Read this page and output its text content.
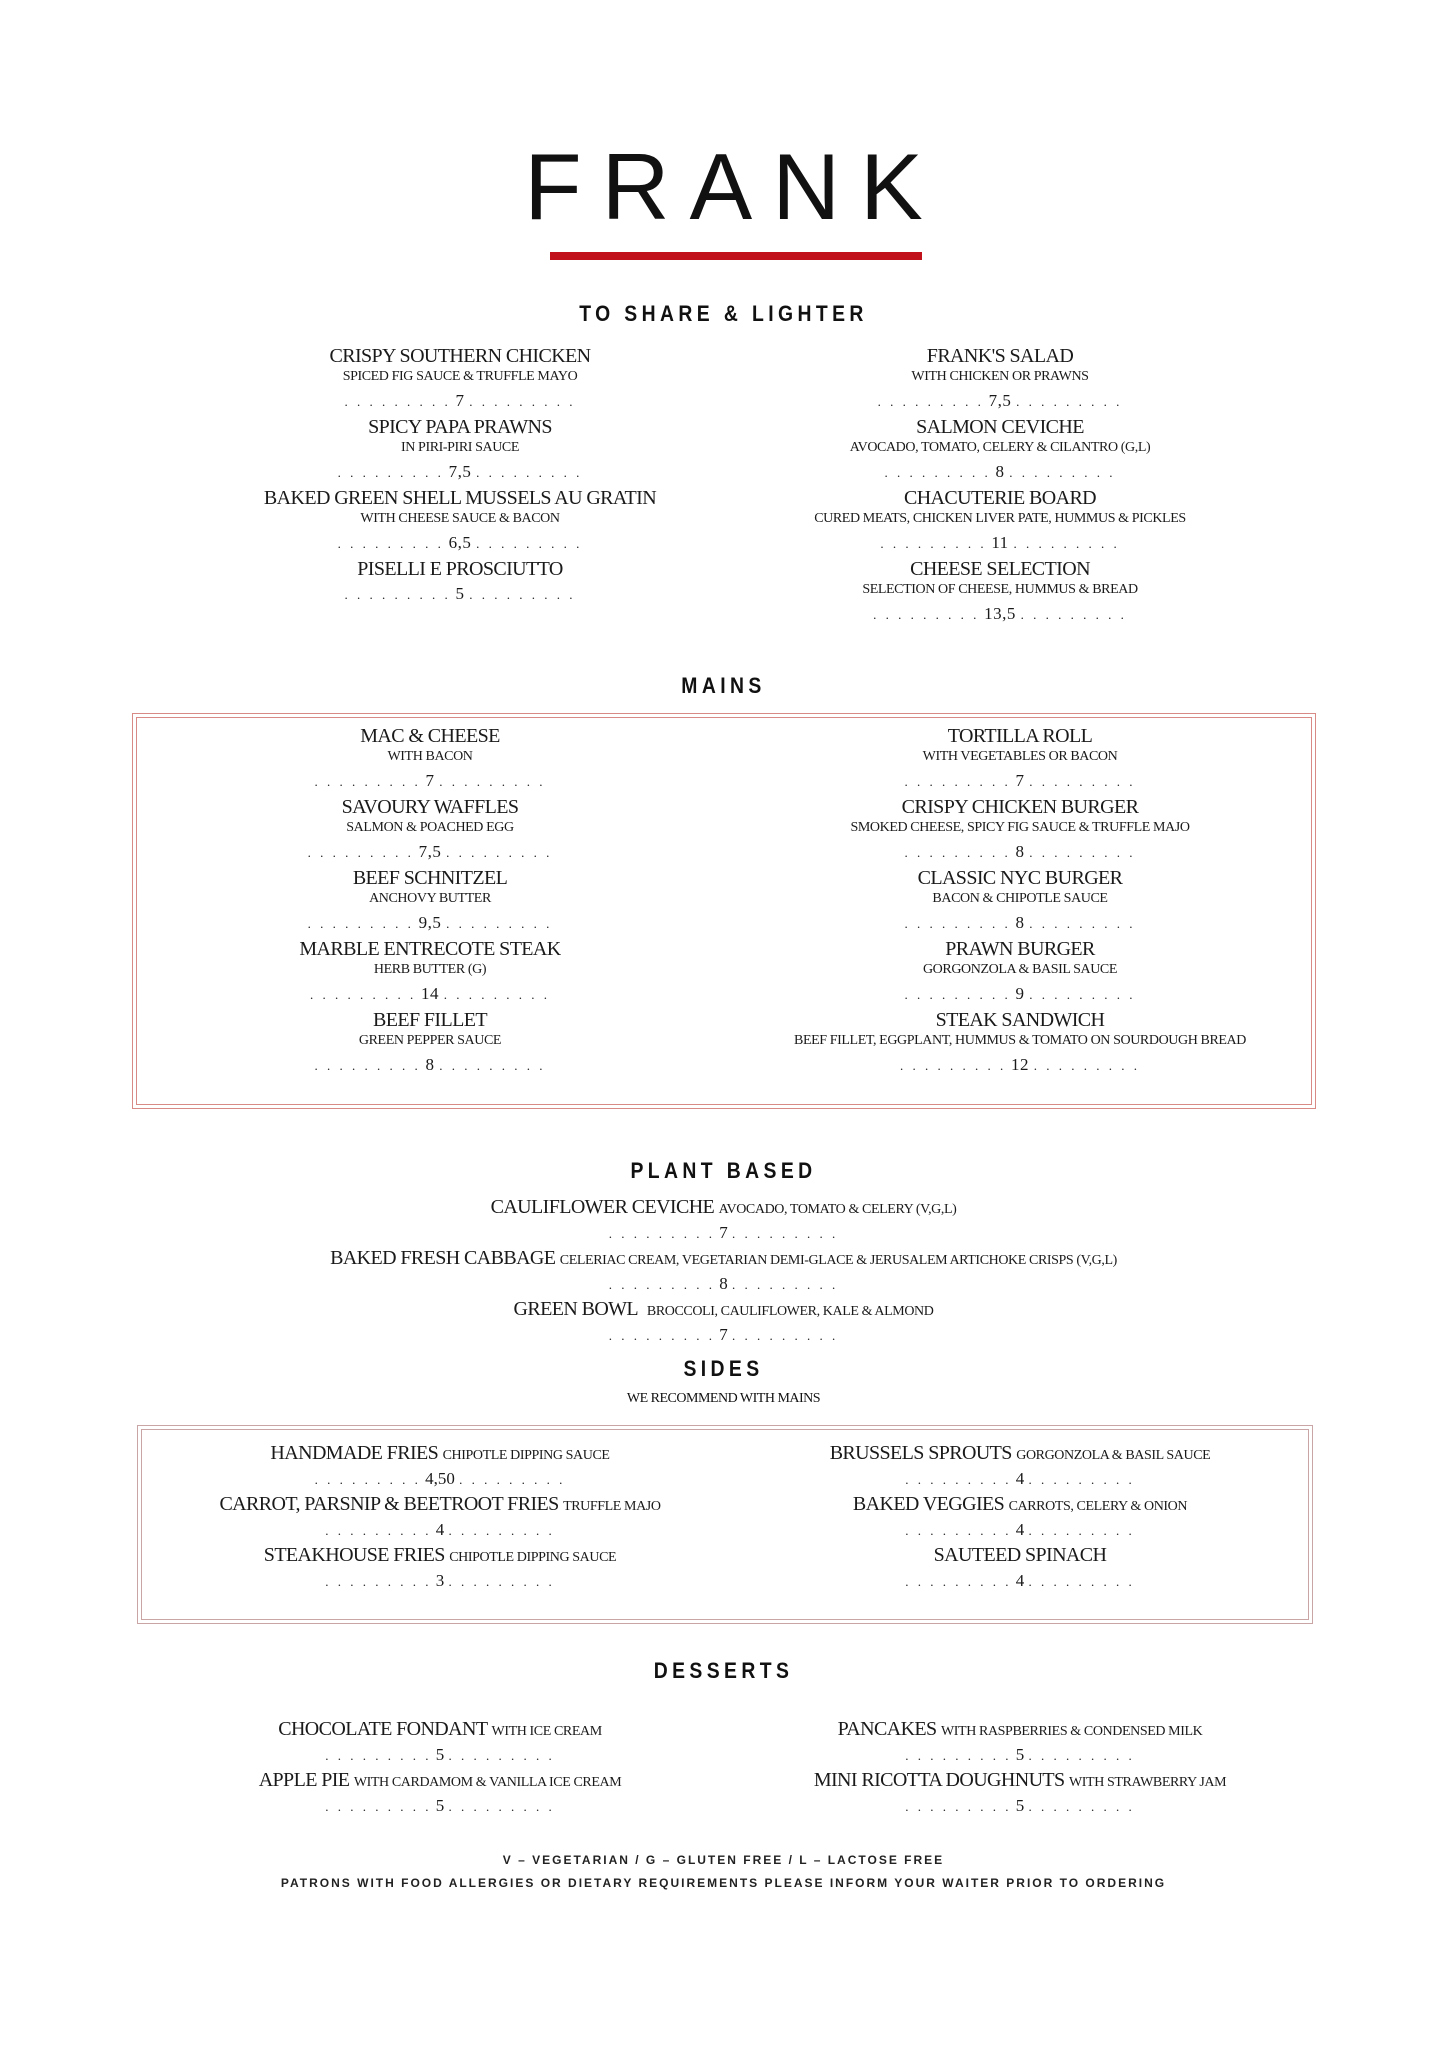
FRANK
TO SHARE & LIGHTER
CRISPY SOUTHERN CHICKEN
SPICED FIG SAUCE & TRUFFLE MAYO
. . . . . . . . . 7 . . . . . . . . .
SPICY PAPA PRAWNS
IN PIRI-PIRI SAUCE
. . . . . . . . . 7,5 . . . . . . . . .
BAKED GREEN SHELL MUSSELS AU GRATIN
WITH CHEESE SAUCE & BACON
. . . . . . . . . 6,5 . . . . . . . . .
PISELLI E PROSCIUTTO
. . . . . . . . . 5 . . . . . . . . .
FRANK'S SALAD
WITH CHICKEN OR PRAWNS
. . . . . . . . . 7,5 . . . . . . . . .
SALMON CEVICHE
AVOCADO, TOMATO, CELERY & CILANTRO (G,L)
. . . . . . . . . 8 . . . . . . . . .
CHACUTERIE BOARD
CURED MEATS, CHICKEN LIVER PATE, HUMMUS & PICKLES
. . . . . . . . . 11 . . . . . . . . .
CHEESE SELECTION
SELECTION OF CHEESE, HUMMUS & BREAD
. . . . . . . . . 13,5 . . . . . . . . .
MAINS
MAC & CHEESE
WITH BACON
. . . . . . . . . 7 . . . . . . . . .
SAVOURY WAFFLES
SALMON & POACHED EGG
. . . . . . . . . 7,5 . . . . . . . . .
BEEF SCHNITZEL
ANCHOVY BUTTER
. . . . . . . . . 9,5 . . . . . . . . .
MARBLE ENTRECOTE STEAK
HERB BUTTER (G)
. . . . . . . . . 14 . . . . . . . . .
BEEF FILLET
GREEN PEPPER SAUCE
. . . . . . . . . 8 . . . . . . . . .
TORTILLA ROLL
WITH VEGETABLES OR BACON
. . . . . . . . . 7 . . . . . . . . .
CRISPY CHICKEN BURGER
SMOKED CHEESE, SPICY FIG SAUCE & TRUFFLE MAJO
. . . . . . . . . 8 . . . . . . . . .
CLASSIC NYC BURGER
BACON & CHIPOTLE SAUCE
. . . . . . . . . 8 . . . . . . . . .
PRAWN BURGER
GORGONZOLA & BASIL SAUCE
. . . . . . . . . 9 . . . . . . . . .
STEAK SANDWICH
BEEF FILLET, EGGPLANT, HUMMUS & TOMATO ON SOURDOUGH BREAD
. . . . . . . . . 12 . . . . . . . . .
PLANT BASED
CAULIFLOWER CEVICHE AVOCADO, TOMATO & CELERY (V,G,L)
. . . . . . . . . 7 . . . . . . . . .
BAKED FRESH CABBAGE CELERIAC CREAM, VEGETARIAN DEMI-GLACE & JERUSALEM ARTICHOKE CRISPS (V,G,L)
. . . . . . . . . 8 . . . . . . . . .
GREEN BOWL BROCCOLI, CAULIFLOWER, KALE & ALMOND
. . . . . . . . . 7 . . . . . . . . .
SIDES
WE RECOMMEND WITH MAINS
HANDMADE FRIES CHIPOTLE DIPPING SAUCE
. . . . . . . . . 4,50 . . . . . . . . .
CARROT, PARSNIP & BEETROOT FRIES TRUFFLE MAJO
. . . . . . . . . 4 . . . . . . . . .
STEAKHOUSE FRIES CHIPOTLE DIPPING SAUCE
. . . . . . . . . 3 . . . . . . . . .
BRUSSELS SPROUTS GORGONZOLA & BASIL SAUCE
. . . . . . . . . 4 . . . . . . . . .
BAKED VEGGIES CARROTS, CELERY & ONION
. . . . . . . . . 4 . . . . . . . . .
SAUTEED SPINACH
. . . . . . . . . 4 . . . . . . . . .
DESSERTS
CHOCOLATE FONDANT WITH ICE CREAM
. . . . . . . . . 5 . . . . . . . . .
APPLE PIE WITH CARDAMOM & VANILLA ICE CREAM
. . . . . . . . . 5 . . . . . . . . .
PANCAKES WITH RASPBERRIES & CONDENSED MILK
. . . . . . . . . 5 . . . . . . . . .
MINI RICOTTA DOUGHNUTS WITH STRAWBERRY JAM
. . . . . . . . . 5 . . . . . . . . .
V – VEGETARIAN / G – GLUTEN FREE / L – LACTOSE FREE
PATRONS WITH FOOD ALLERGIES OR DIETARY REQUIREMENTS PLEASE INFORM YOUR WAITER PRIOR TO ORDERING
